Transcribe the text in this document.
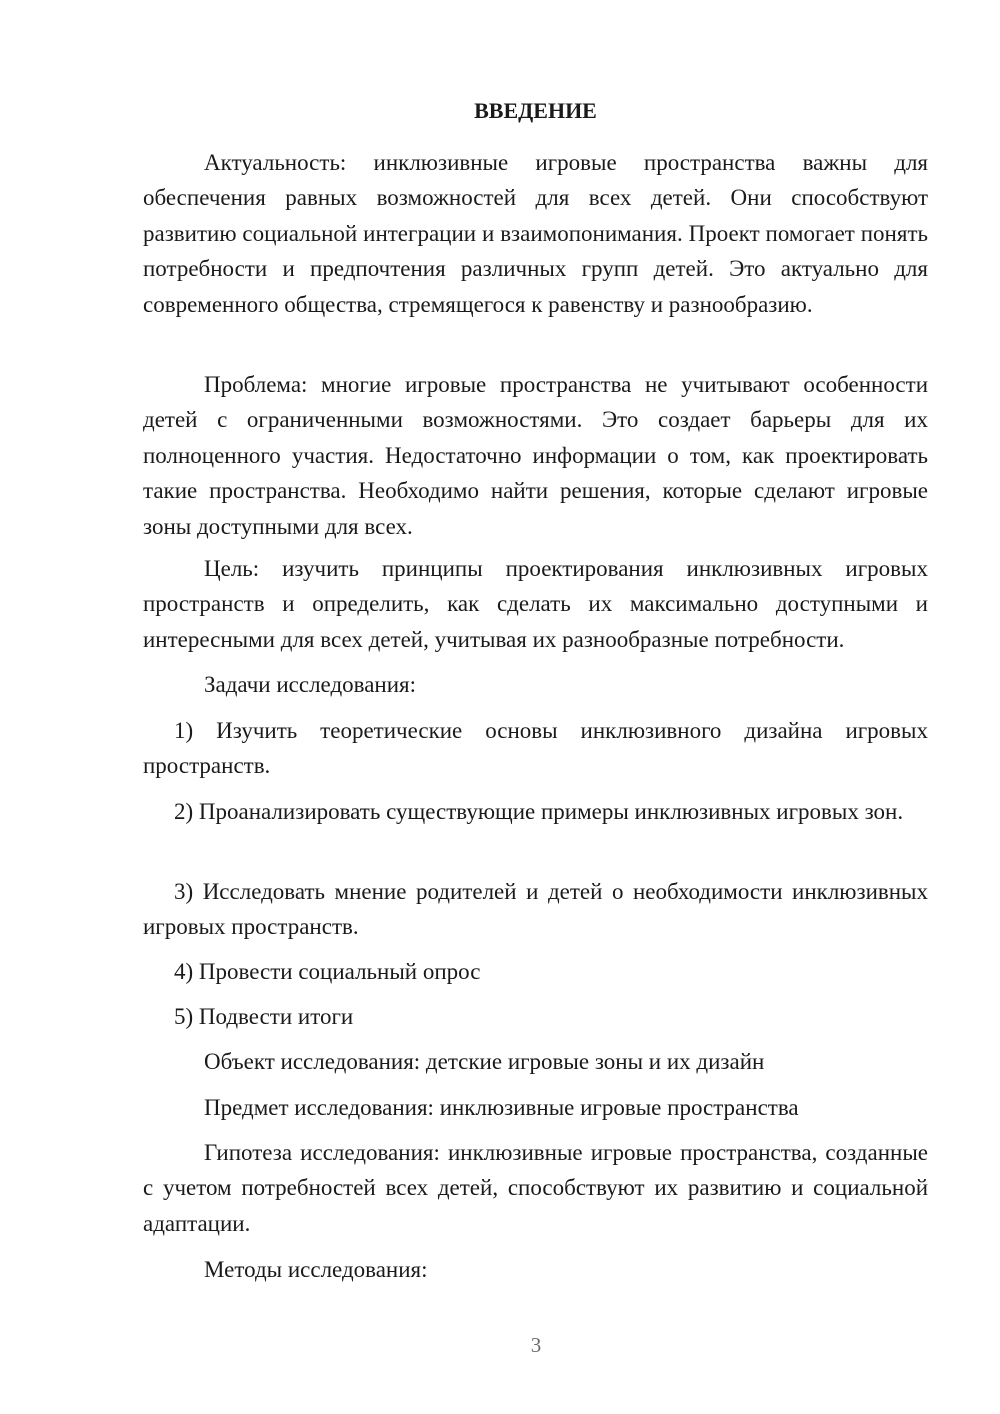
ВВЕДЕНИЕ

Актуальность: инклюзивные игровые пространства важны для обеспечения равных возможностей для всех детей. Они способствуют развитию социальной интеграции и взаимопонимания. Проект помогает понять потребности и предпочтения различных групп детей. Это актуально для современного общества, стремящегося к равенству и разнообразию.

Проблема: многие игровые пространства не учитывают особенности детей с ограниченными возможностями. Это создает барьеры для их полноценного участия. Недостаточно информации о том, как проектировать такие пространства. Необходимо найти решения, которые сделают игровые зоны доступными для всех.

Цель: изучить принципы проектирования инклюзивных игровых пространств и определить, как сделать их максимально доступными и интересными для всех детей, учитывая их разнообразные потребности.

Задачи исследования:

1) Изучить теоретические основы инклюзивного дизайна игровых пространств.

2) Проанализировать существующие примеры инклюзивных игровых зон.

3) Исследовать мнение родителей и детей о необходимости инклюзивных игровых пространств.

4) Провести социальный опрос

5) Подвести итоги

Объект исследования: детские игровые зоны и их дизайн

Предмет исследования: инклюзивные игровые пространства

Гипотеза исследования: инклюзивные игровые пространства, созданные с учетом потребностей всех детей, способствуют их развитию и социальной адаптации.

Методы исследования:

3
